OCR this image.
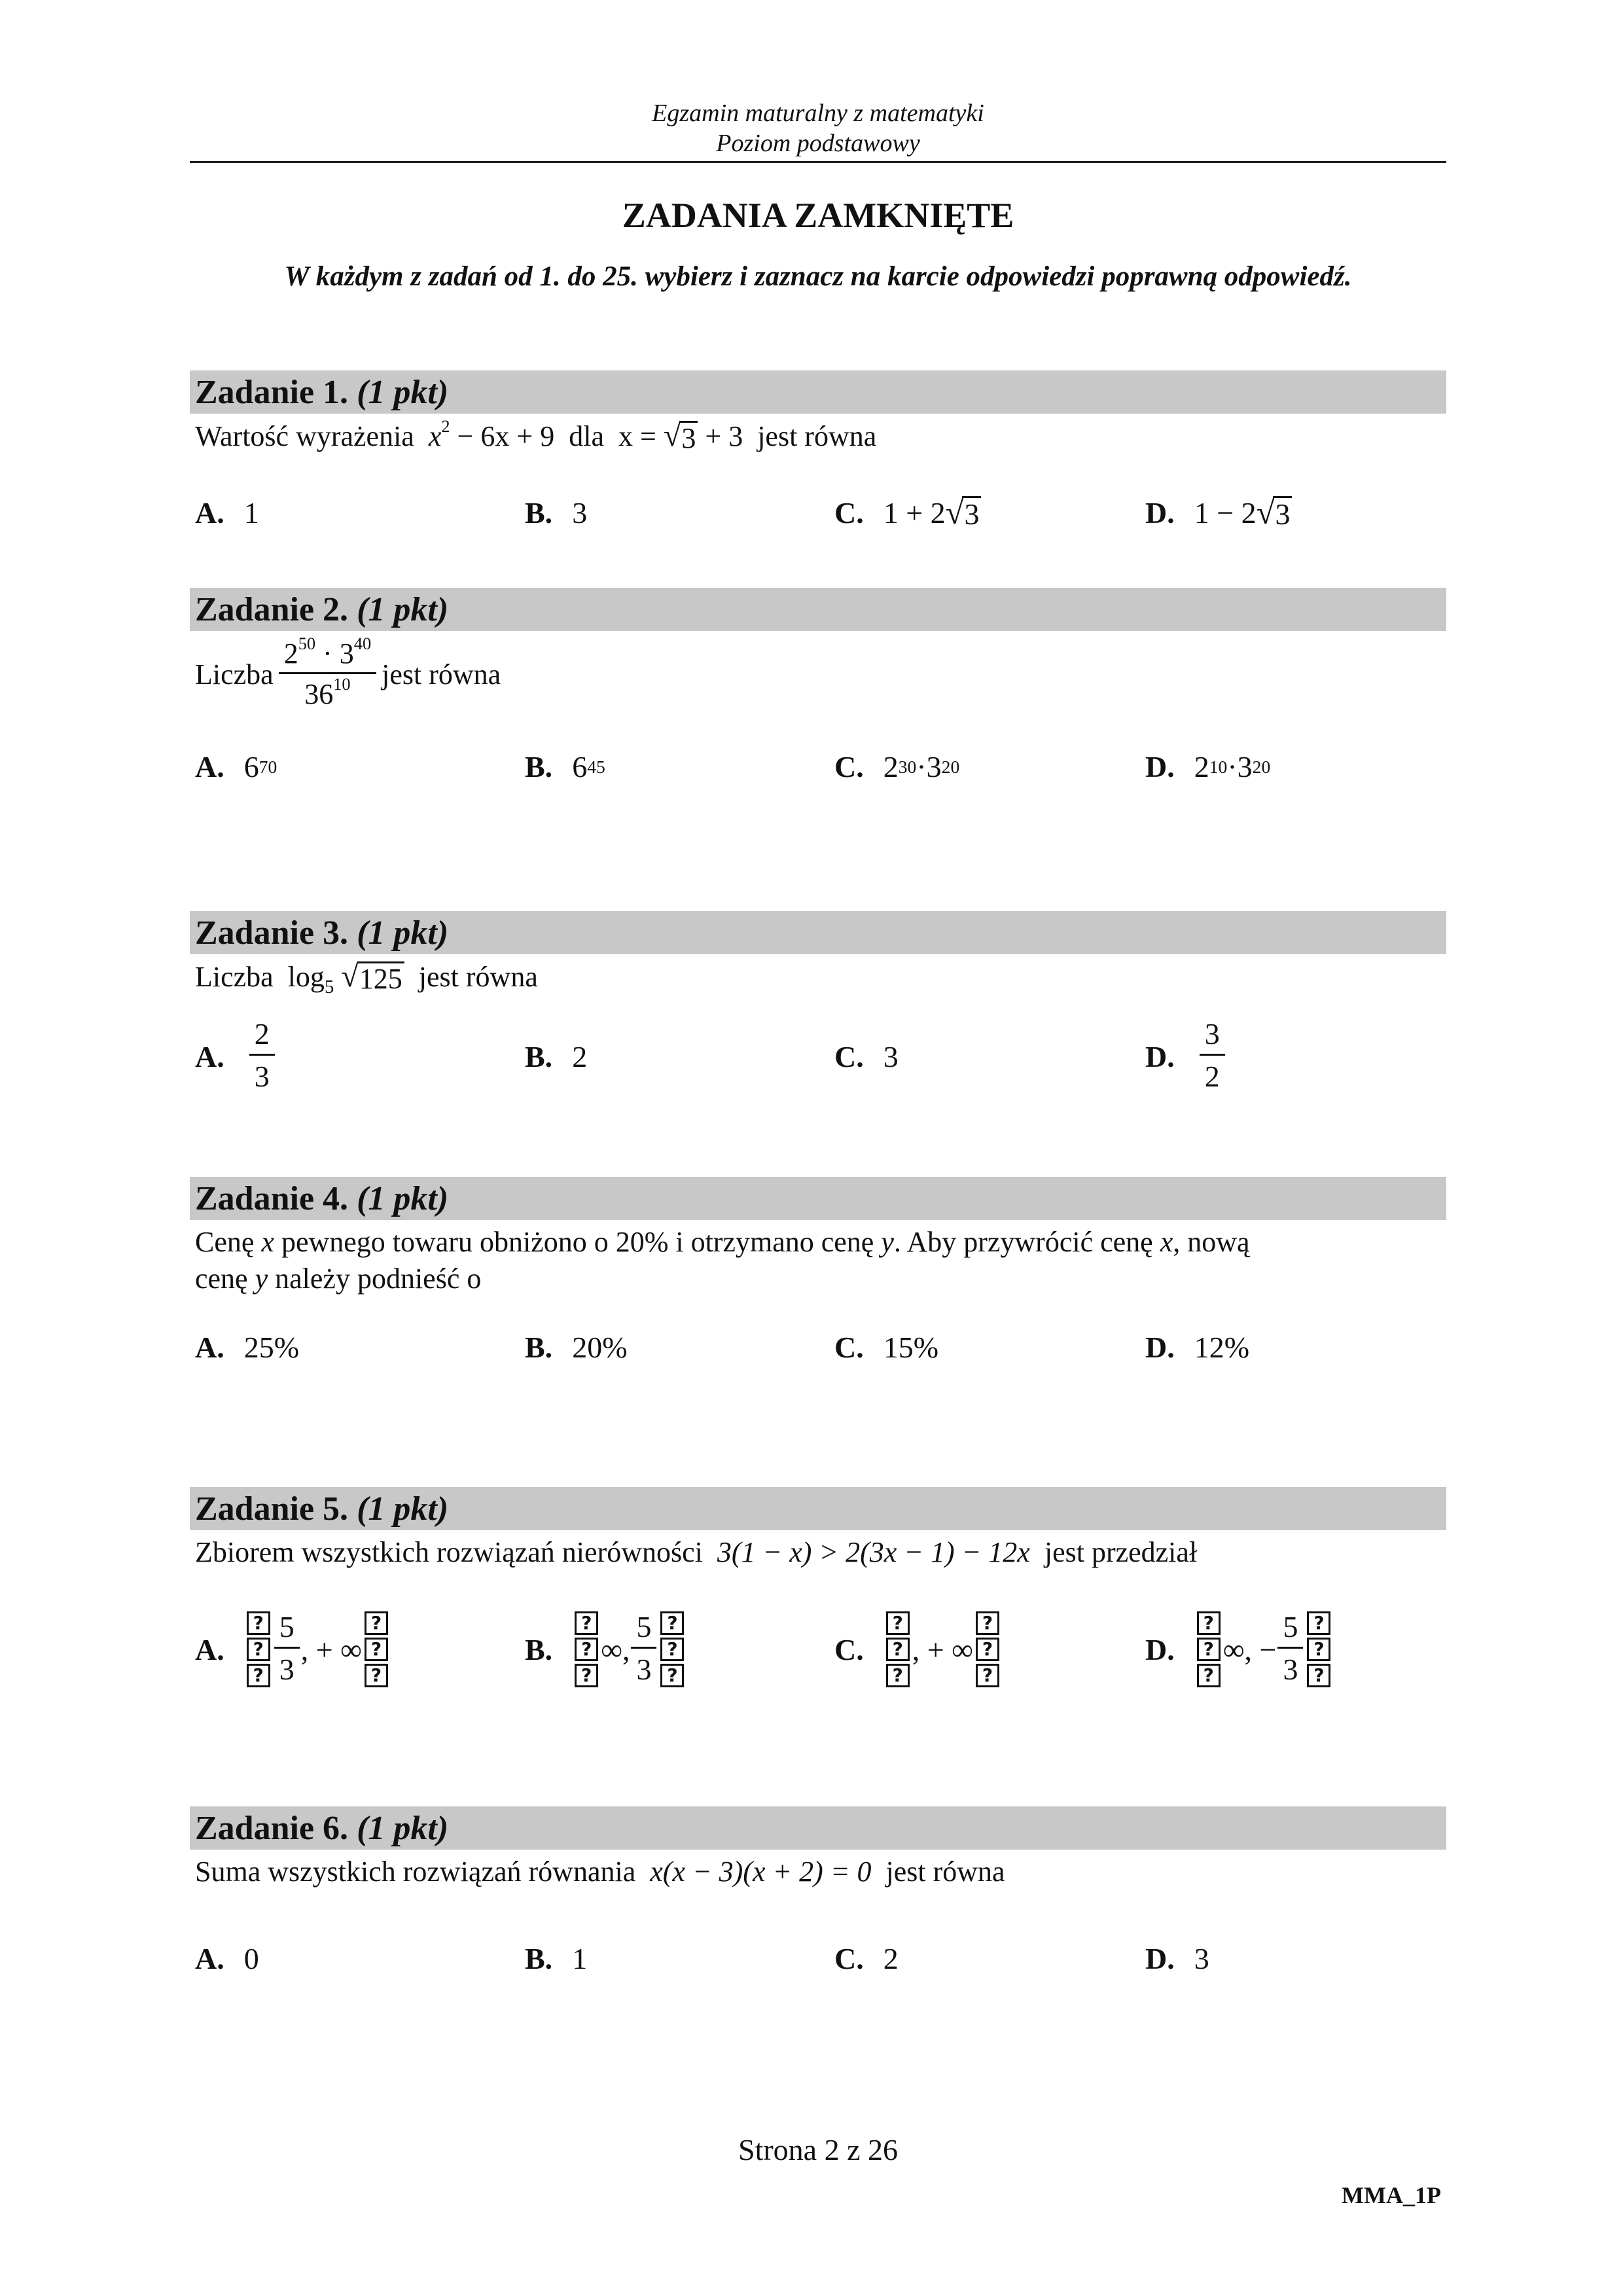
Egzamin maturalny z matematyki
Poziom podstawowy
ZADANIA ZAMKNIĘTE
W każdym z zadań od 1. do 25. wybierz i zaznacz na karcie odpowiedzi poprawną odpowiedź.
Zadanie 1. (1 pkt)
Wartość wyrażenia $x^2 - 6x + 9$ dla x = √ 3 + 3 jest równa
A. 1	B. 3	C. 1 + 2 √ 3	D. 1 − 2 √ 3
Zadanie 2. (1 pkt)
Liczba $\frac{2^{50} \cdot 3^{40}}{36^{10}}$ jest równa
A. 6 70	B. 6 45	C. 2 30 · 3 20	D. 2 10 · 3 20
Zadanie 3. (1 pkt)
Liczba $\log_5$ √ 125 jest równa
A. $\frac{2}{3}$	B. 2	C. 3	D. $\frac{3}{2}$
Zadanie 4. (1 pkt)
Cenę x pewnego towaru obniżono o 20% i otrzymano cenę y. Aby przywrócić cenę x, nową
cenę y należy podnieść o
A. 25%	B. 20%	C. 15%	D. 12%
Zadanie 5. (1 pkt)
Zbiorem wszystkich rozwiązań nierówności 3(1 − x) > 2(3x − 1) − 12x jest przedział
A.
?
?
? $\frac{5}{3}$ , + ∞
?
?
?
B.
?
?
?
∞, $\frac{5}{3}$ ?
?
?
C.
?
?
?
, + ∞
?
?
?
D.
?
?
?
∞, − $\frac{5}{3}$ ?
?
?
Zadanie 6. (1 pkt)
Suma wszystkich rozwiązań równania x(x − 3)(x + 2) = 0 jest równa
A. 0	B. 1	C. 2	D. 3
Strona 2 z 26
MMA_1P
